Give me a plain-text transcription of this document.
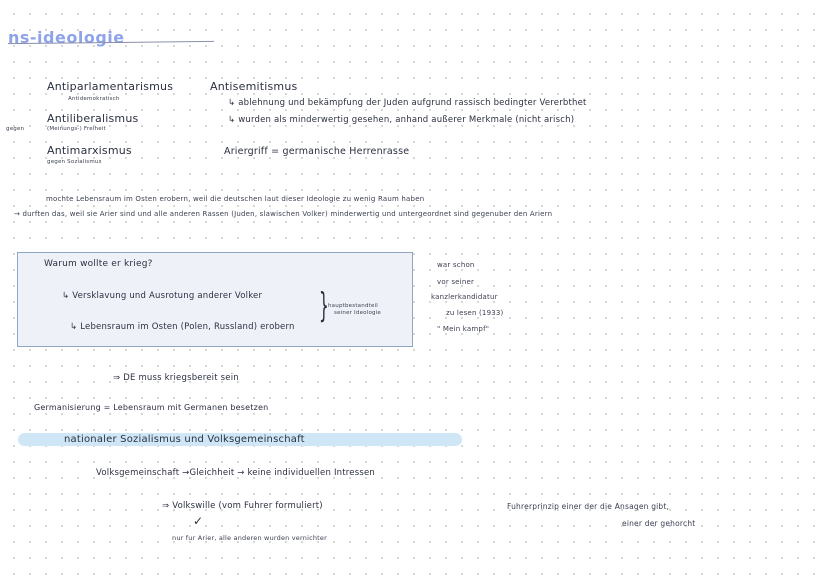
ns-ideologie
Antiparlamentarismus
Antidemokratisch
gegen
Antiliberalismus
(Meinungs-) Freiheit
Antimarxismus
gegen Sozialismus
Antisemitismus
↳ ablehnung und bekämpfung der Juden aufgrund rassisch bedingter Vererbthet
↳ wurden als minderwertig gesehen, anhand außerer Merkmale (nicht arisch)
Ariergriff = germanische Herrenrasse
mochte Lebensraum im Osten erobern, weil die deutschen laut dieser Ideologie zu wenig Raum haben
→ durften das, weil sie Arier sind und alle anderen Rassen (Juden, slawischen Volker) minderwertig und untergeordnet sind gegenuber den Ariern
Warum wollte er krieg?
↳ Versklavung und Ausrotung anderer Volker
↳ Lebensraum im Osten (Polen, Russland) erobern
} hauptbestandteil
seiner Ideologie
war schon
vor seiner
kanzlerkandidatur
zu lesen (1933)
" Mein kampf"
⇒ DE muss kriegsbereit sein
Germanisierung = Lebensraum mit Germanen besetzen
nationaler Sozialismus und Volksgemeinschaft
Volksgemeinschaft →Gleichheit → keine individuellen Intressen
⇒ Volkswille (vom Fuhrer formuliert)
✓
nur fur Arier, alle anderen wurden vernichter
Fuhrerprinzip einer der die Ansagen gibt,
einer der gehorcht
